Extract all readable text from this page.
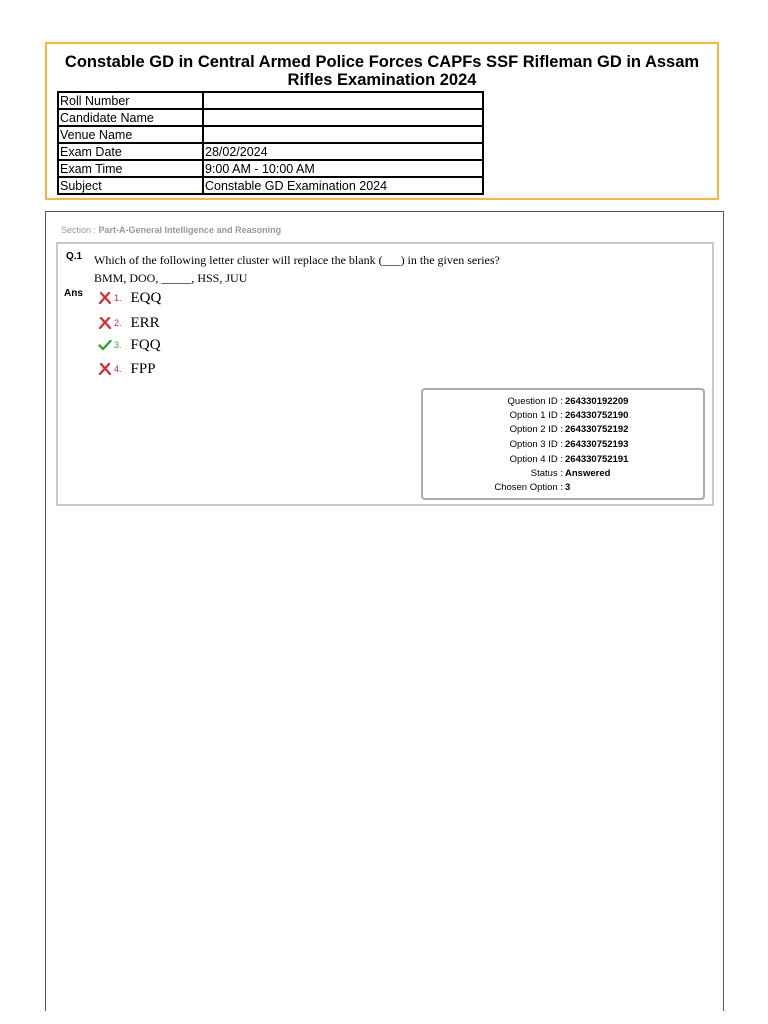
Constable GD in Central Armed Police Forces CAPFs SSF Rifleman GD in Assam
Rifles Examination 2024
Roll Number	
Candidate Name	
Venue Name	
Exam Date	28/02/2024
Exam Time	9:00 AM - 10:00 AM
Subject	Constable GD Examination 2024
Section : Part-A-General Intelligence and Reasoning
Q.1 Which of the following letter cluster will replace the blank (___) in the given series?
BMM, DOO, _____, HSS, JUU
Ans	1. EQQ
2. ERR
3. FQQ
4. FPP
Question ID : 264330192209
Option 1 ID : 264330752190
Option 2 ID : 264330752192
Option 3 ID : 264330752193
Option 4 ID : 264330752191
Status : Answered
Chosen Option : 3
